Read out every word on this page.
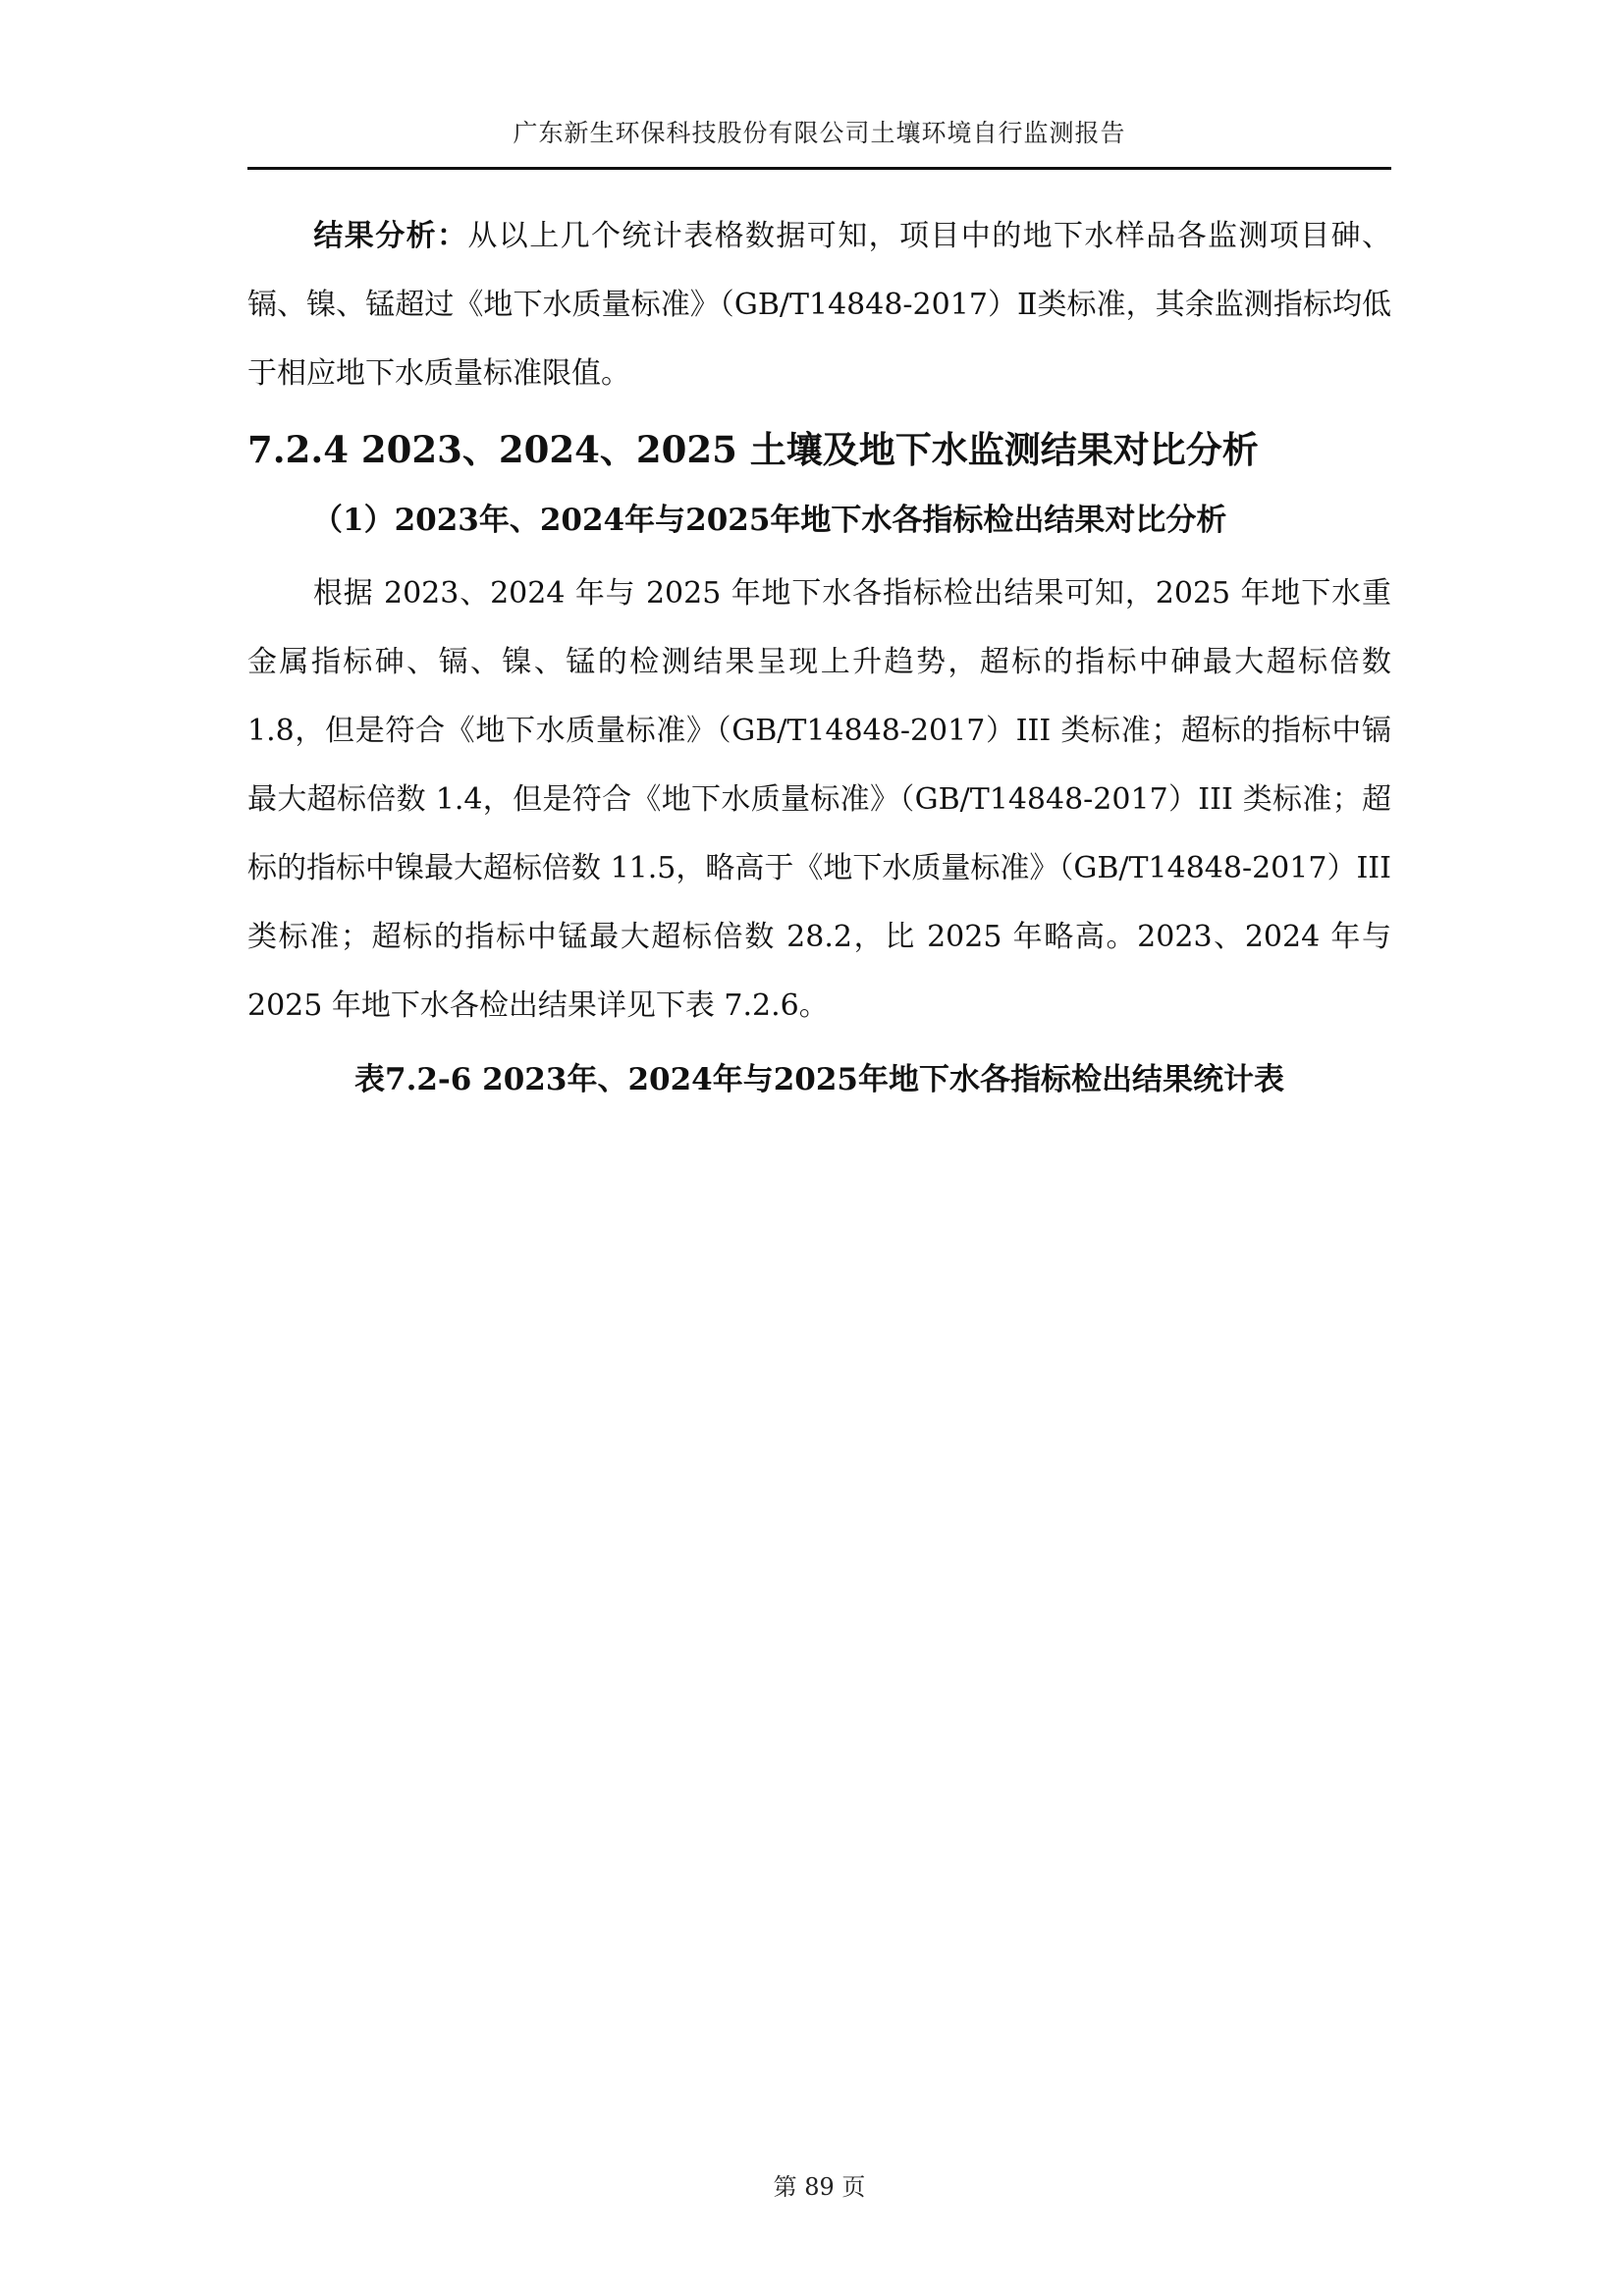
广东新生环保科技股份有限公司土壤环境自行监测报告

结果分析：从以上几个统计表格数据可知，项目中的地下水样品各监测项目砷、镉、镍、锰超过《地下水质量标准》（GB/T14848-2017）Ⅱ类标准，其余监测指标均低于相应地下水质量标准限值。

7.2.4 2023、2024、2025 土壤及地下水监测结果对比分析
（1）2023年、2024年与2025年地下水各指标检出结果对比分析

根据 2023、2024 年与 2025 年地下水各指标检出结果可知，2025 年地下水重金属指标砷、镉、镍、锰的检测结果呈现上升趋势，超标的指标中砷最大超标倍数 1.8，但是符合《地下水质量标准》（GB/T14848-2017）III 类标准；超标的指标中镉最大超标倍数 1.4，但是符合《地下水质量标准》（GB/T14848-2017）III 类标准；超标的指标中镍最大超标倍数 11.5，略高于《地下水质量标准》（GB/T14848-2017）III 类标准；超标的指标中锰最大超标倍数 28.2，比 2025 年略高。2023、2024 年与 2025 年地下水各检出结果详见下表 7.2.6。

表7.2-6 2023年、2024年与2025年地下水各指标检出结果统计表
第 89 页
